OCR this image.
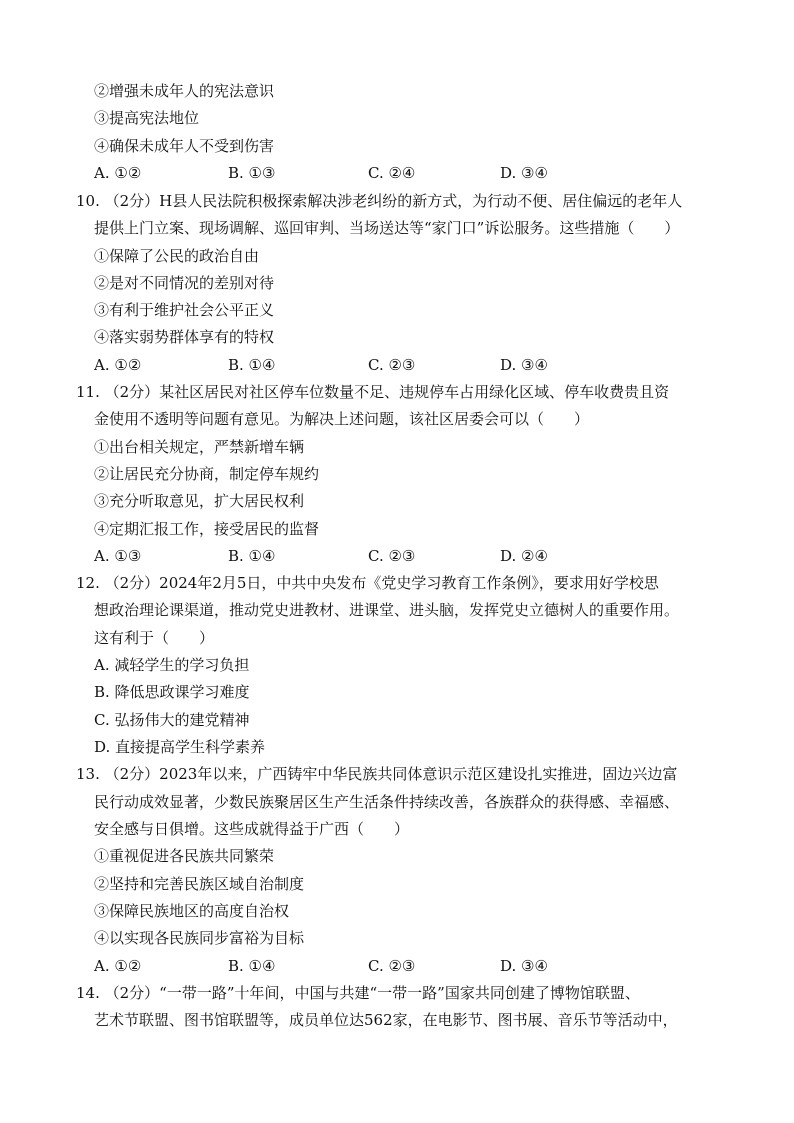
②增强未成年人的宪法意识
③提高宪法地位
④确保未成年人不受到伤害
A. ①②	B. ①③	C. ②④	D. ③④
10. （2分）H县人民法院积极探索解决涉老纠纷的新方式，为行动不便、居住偏远的老年人
提供上门立案、现场调解、巡回审判、当场送达等“家门口”诉讼服务。这些措施（　　）
①保障了公民的政治自由
②是对不同情况的差别对待
③有利于维护社会公平正义
④落实弱势群体享有的特权
A. ①②	B. ①④	C. ②③	D. ③④
11. （2分）某社区居民对社区停车位数量不足、违规停车占用绿化区域、停车收费贵且资
金使用不透明等问题有意见。为解决上述问题，该社区居委会可以（　　）
①出台相关规定，严禁新增车辆
②让居民充分协商，制定停车规约
③充分听取意见，扩大居民权利
④定期汇报工作，接受居民的监督
A. ①③	B. ①④	C. ②③	D. ②④
12. （2分）2024年2月5日，中共中央发布《党史学习教育工作条例》，要求用好学校思
想政治理论课渠道，推动党史进教材、进课堂、进头脑，发挥党史立德树人的重要作用。
这有利于（　　）
A. 减轻学生的学习负担
B. 降低思政课学习难度
C. 弘扬伟大的建党精神
D. 直接提高学生科学素养
13. （2分）2023年以来，广西铸牢中华民族共同体意识示范区建设扎实推进，固边兴边富
民行动成效显著，少数民族聚居区生产生活条件持续改善，各族群众的获得感、幸福感、
安全感与日俱增。这些成就得益于广西（　　）
①重视促进各民族共同繁荣
②坚持和完善民族区域自治制度
③保障民族地区的高度自治权
④以实现各民族同步富裕为目标
A. ①②	B. ①④	C. ②③	D. ③④
14. （2分）“一带一路”十年间，中国与共建“一带一路”国家共同创建了博物馆联盟、
艺术节联盟、图书馆联盟等，成员单位达562家，在电影节、图书展、音乐节等活动中，
